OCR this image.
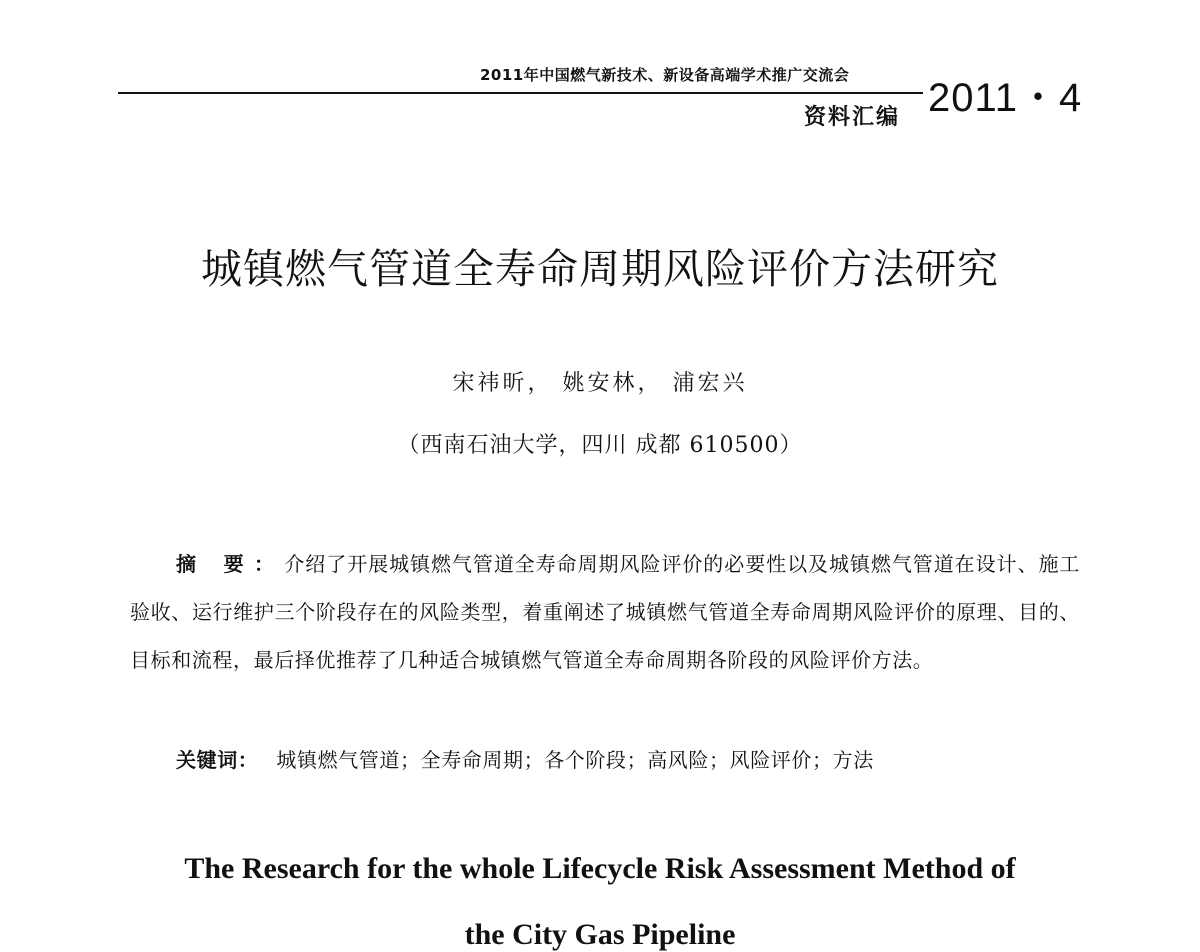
2011年中国燃气新技术、新设备高端学术推广交流会
资料汇编 2011・4
城镇燃气管道全寿命周期风险评价方法研究
宋祎昕， 姚安林， 浦宏兴
（西南石油大学，四川 成都 610500）
摘 要：介绍了开展城镇燃气管道全寿命周期风险评价的必要性以及城镇燃气管道在设计、施工验收、运行维护三个阶段存在的风险类型，着重阐述了城镇燃气管道全寿命周期风险评价的原理、目的、目标和流程，最后择优推荐了几种适合城镇燃气管道全寿命周期各阶段的风险评价方法。
关键词： 城镇燃气管道；全寿命周期；各个阶段；高风险；风险评价；方法
The Research for the whole Lifecycle Risk Assessment Method of
the City Gas Pipeline
